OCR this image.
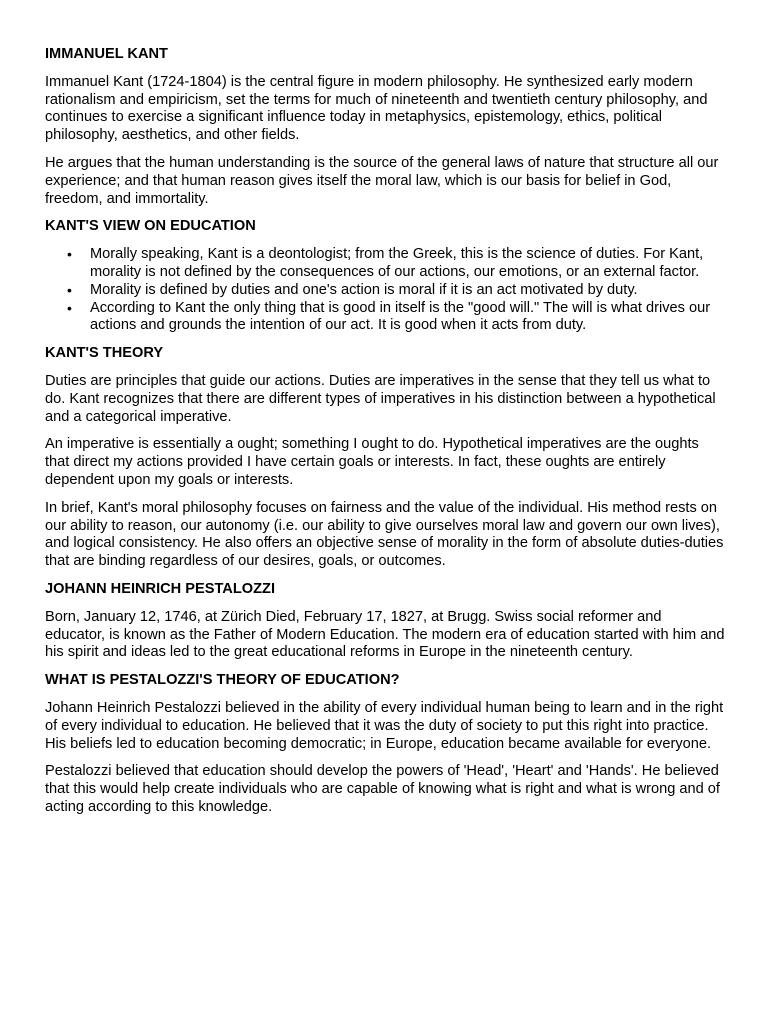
IMMANUEL KANT

Immanuel Kant (1724-1804) is the central figure in modern philosophy. He synthesized early modern rationalism and empiricism, set the terms for much of nineteenth and twentieth century philosophy, and continues to exercise a significant influence today in metaphysics, epistemology, ethics, political philosophy, aesthetics, and other fields.

He argues that the human understanding is the source of the general laws of nature that structure all our experience; and that human reason gives itself the moral law, which is our basis for belief in God, freedom, and immortality.

KANT'S VIEW ON EDUCATION
• Morally speaking, Kant is a deontologist; from the Greek, this is the science of duties. For Kant, morality is not defined by the consequences of our actions, our emotions, or an external factor.
• Morality is defined by duties and one's action is moral if it is an act motivated by duty.
• According to Kant the only thing that is good in itself is the "good will." The will is what drives our actions and grounds the intention of our act. It is good when it acts from duty.
KANT'S THEORY

Duties are principles that guide our actions. Duties are imperatives in the sense that they tell us what to do. Kant recognizes that there are different types of imperatives in his distinction between a hypothetical and a categorical imperative.

An imperative is essentially a ought; something I ought to do. Hypothetical imperatives are the oughts that direct my actions provided I have certain goals or interests. In fact, these oughts are entirely dependent upon my goals or interests.

In brief, Kant's moral philosophy focuses on fairness and the value of the individual. His method rests on our ability to reason, our autonomy (i.e. our ability to give ourselves moral law and govern our own lives), and logical consistency. He also offers an objective sense of morality in the form of absolute duties-duties that are binding regardless of our desires, goals, or outcomes.

JOHANN HEINRICH PESTALOZZI

Born, January 12, 1746, at Zürich Died, February 17, 1827, at Brugg. Swiss social reformer and educator, is known as the Father of Modern Education. The modern era of education started with him and his spirit and ideas led to the great educational reforms in Europe in the nineteenth century.

WHAT IS PESTALOZZI'S THEORY OF EDUCATION?

Johann Heinrich Pestalozzi believed in the ability of every individual human being to learn and in the right of every individual to education. He believed that it was the duty of society to put this right into practice. His beliefs led to education becoming democratic; in Europe, education became available for everyone.

Pestalozzi believed that education should develop the powers of 'Head', 'Heart' and 'Hands'. He believed that this would help create individuals who are capable of knowing what is right and what is wrong and of acting according to this knowledge.
